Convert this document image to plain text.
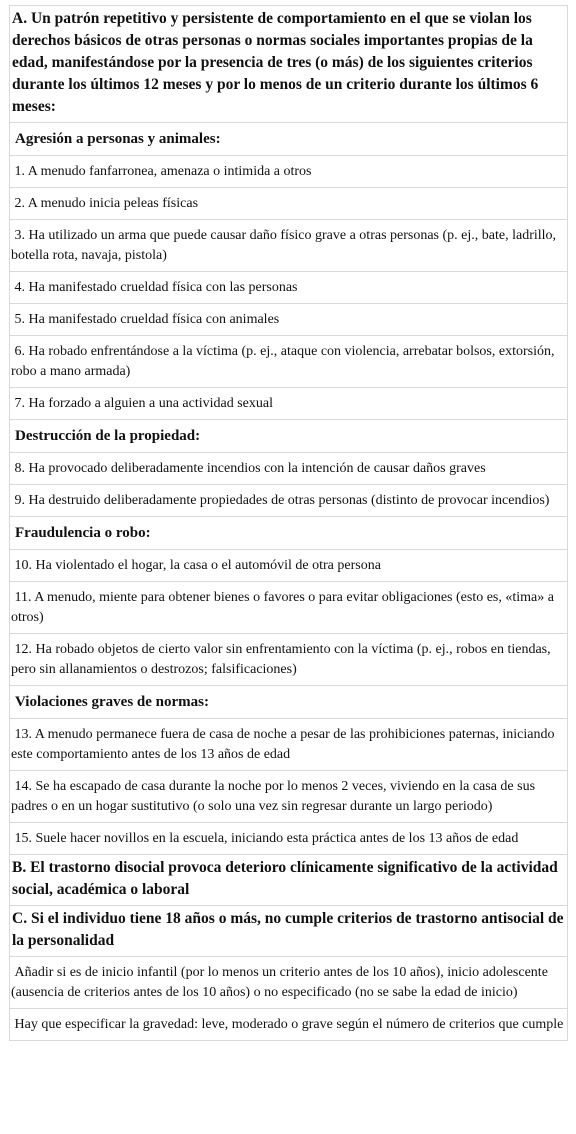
A. Un patrón repetitivo y persistente de comportamiento en el que se violan los derechos básicos de otras personas o normas sociales importantes propias de la edad, manifestándose por la presencia de tres (o más) de los siguientes criterios durante los últimos 12 meses y por lo menos de un criterio durante los últimos 6 meses:
Agresión a personas y animales:
1. A menudo fanfarronea, amenaza o intimida a otros
2. A menudo inicia peleas físicas
3. Ha utilizado un arma que puede causar daño físico grave a otras personas (p. ej., bate, ladrillo, botella rota, navaja, pistola)
4. Ha manifestado crueldad física con las personas
5. Ha manifestado crueldad física con animales
6. Ha robado enfrentándose a la víctima (p. ej., ataque con violencia, arrebatar bolsos, extorsión, robo a mano armada)
7. Ha forzado a alguien a una actividad sexual
Destrucción de la propiedad:
8. Ha provocado deliberadamente incendios con la intención de causar daños graves
9. Ha destruido deliberadamente propiedades de otras personas (distinto de provocar incendios)
Fraudulencia o robo:
10. Ha violentado el hogar, la casa o el automóvil de otra persona
11. A menudo, miente para obtener bienes o favores o para evitar obligaciones (esto es, «tima» a otros)
12. Ha robado objetos de cierto valor sin enfrentamiento con la víctima (p. ej., robos en tiendas, pero sin allanamientos o destrozos; falsificaciones)
Violaciones graves de normas:
13. A menudo permanece fuera de casa de noche a pesar de las prohibiciones paternas, iniciando este comportamiento antes de los 13 años de edad
14. Se ha escapado de casa durante la noche por lo menos 2 veces, viviendo en la casa de sus padres o en un hogar sustitutivo (o solo una vez sin regresar durante un largo periodo)
15. Suele hacer novillos en la escuela, iniciando esta práctica antes de los 13 años de edad
B. El trastorno disocial provoca deterioro clínicamente significativo de la actividad social, académica o laboral
C. Si el individuo tiene 18 años o más, no cumple criterios de trastorno antisocial de la personalidad
Añadir si es de inicio infantil (por lo menos un criterio antes de los 10 años), inicio adolescente (ausencia de criterios antes de los 10 años) o no especificado (no se sabe la edad de inicio)
Hay que especificar la gravedad: leve, moderado o grave según el número de criterios que cumple
